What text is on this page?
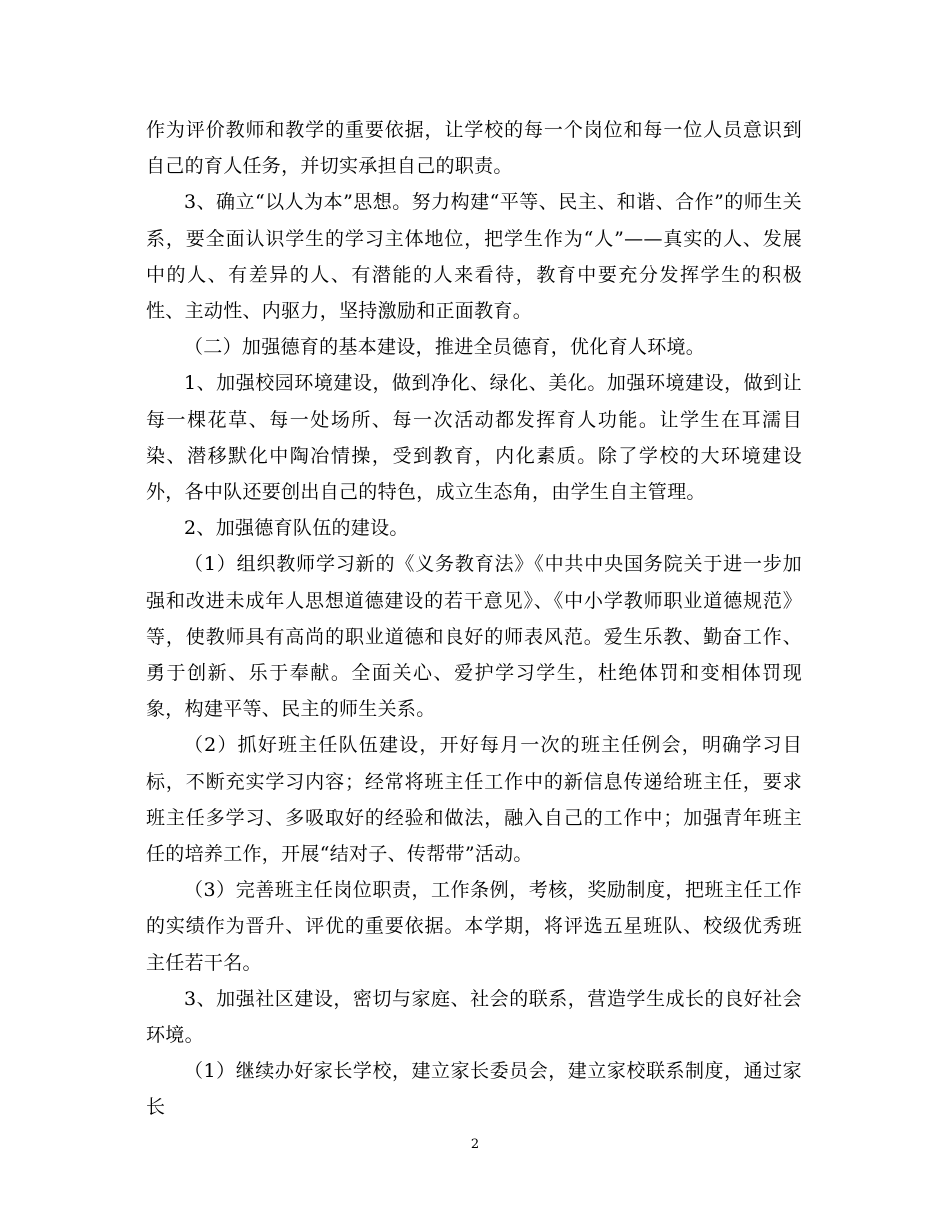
作为评价教师和教学的重要依据，让学校的每一个岗位和每一位人员意识到自己的育人任务，并切实承担自己的职责。

3、确立“以人为本”思想。努力构建“平等、民主、和谐、合作”的师生关系，要全面认识学生的学习主体地位，把学生作为“人”——真实的人、发展中的人、有差异的人、有潜能的人来看待，教育中要充分发挥学生的积极性、主动性、内驱力，坚持激励和正面教育。

（二）加强德育的基本建设，推进全员德育，优化育人环境。

1、加强校园环境建设，做到净化、绿化、美化。加强环境建设，做到让每一棵花草、每一处场所、每一次活动都发挥育人功能。让学生在耳濡目染、潜移默化中陶冶情操，受到教育，内化素质。除了学校的大环境建设外，各中队还要创出自己的特色，成立生态角，由学生自主管理。

2、加强德育队伍的建设。

（1）组织教师学习新的《义务教育法》《中共中央国务院关于进一步加强和改进未成年人思想道德建设的若干意见》、《中小学教师职业道德规范》等，使教师具有高尚的职业道德和良好的师表风范。爱生乐教、勤奋工作、勇于创新、乐于奉献。全面关心、爱护学习学生，杜绝体罚和变相体罚现象，构建平等、民主的师生关系。

（2）抓好班主任队伍建设，开好每月一次的班主任例会，明确学习目标，不断充实学习内容；经常将班主任工作中的新信息传递给班主任，要求班主任多学习、多吸取好的经验和做法，融入自己的工作中；加强青年班主任的培养工作，开展“结对子、传帮带”活动。

（3）完善班主任岗位职责，工作条例，考核，奖励制度，把班主任工作的实绩作为晋升、评优的重要依据。本学期，将评选五星班队、校级优秀班主任若干名。

3、加强社区建设，密切与家庭、社会的联系，营造学生成长的良好社会环境。

（1）继续办好家长学校，建立家长委员会，建立家校联系制度，通过家长

2
